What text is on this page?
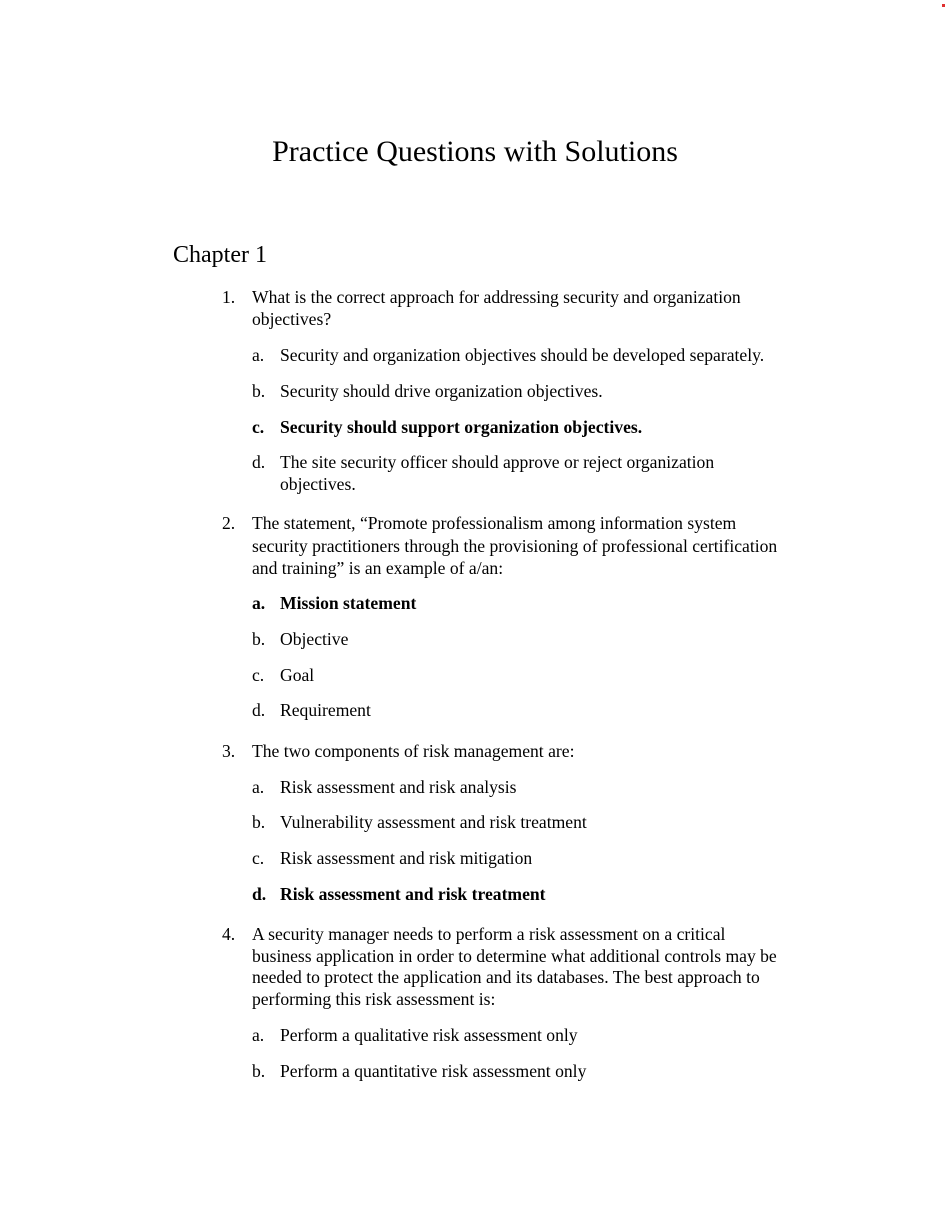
Practice Questions with Solutions
Chapter 1
1. What is the correct approach for addressing security and organization
objectives?
a. Security and organization objectives should be developed separately.
b. Security should drive organization objectives.
c. Security should support organization objectives.
d. The site security officer should approve or reject organization
objectives.
2. The statement, “Promote professionalism among information system
security practitioners through the provisioning of professional certification
and training” is an example of a/an:
a. Mission statement
b. Objective
c. Goal
d. Requirement
3. The two components of risk management are:
a. Risk assessment and risk analysis
b. Vulnerability assessment and risk treatment
c. Risk assessment and risk mitigation
d. Risk assessment and risk treatment
4. A security manager needs to perform a risk assessment on a critical
business application in order to determine what additional controls may be
needed to protect the application and its databases. The best approach to
performing this risk assessment is:
a. Perform a qualitative risk assessment only
b. Perform a quantitative risk assessment only
